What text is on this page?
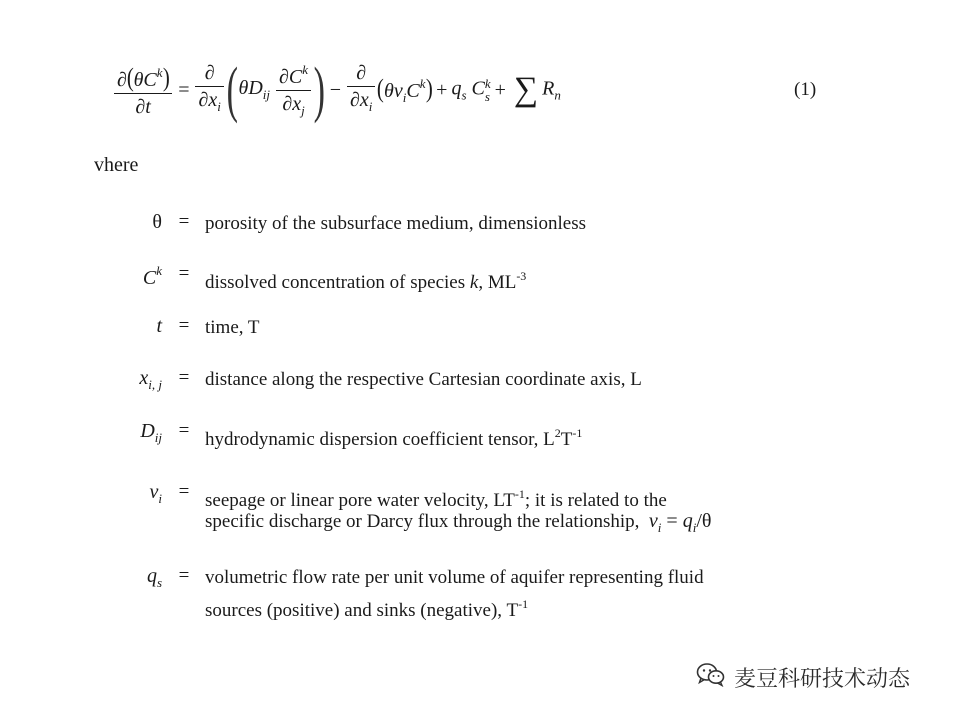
$\frac{\partial(\theta C^k)}{\partial t} = \frac{\partial}{\partial x_i}$ ( $\theta D_{ij} \frac{\partial C^k}{\partial x_j}$ ) − $\frac{\partial}{\partial x_i} (\theta v_iC^k) + q_s$ C k
s + ∑ $R_n$	(1)
vhere
θ = porosity of the subsurface medium, dimensionless
$C^k$ = dissolved concentration of species k, $ML^{-3}$
t = time, T
$x_{i, j}$ = distance along the respective Cartesian coordinate axis, L
$D_{ij}$ = hydrodynamic dispersion coefficient tensor, $L^2T^{-1}$
$v_i$ = seepage or linear pore water velocity, $LT^{-1}$; it is related to the
specific discharge or Darcy flux through the relationship, $v_i = q_i/\theta$
$q_s$ = volumetric flow rate per unit volume of aquifer representing fluid
sources (positive) and sinks (negative), $T^{-1}$
麦豆科研技术动态
